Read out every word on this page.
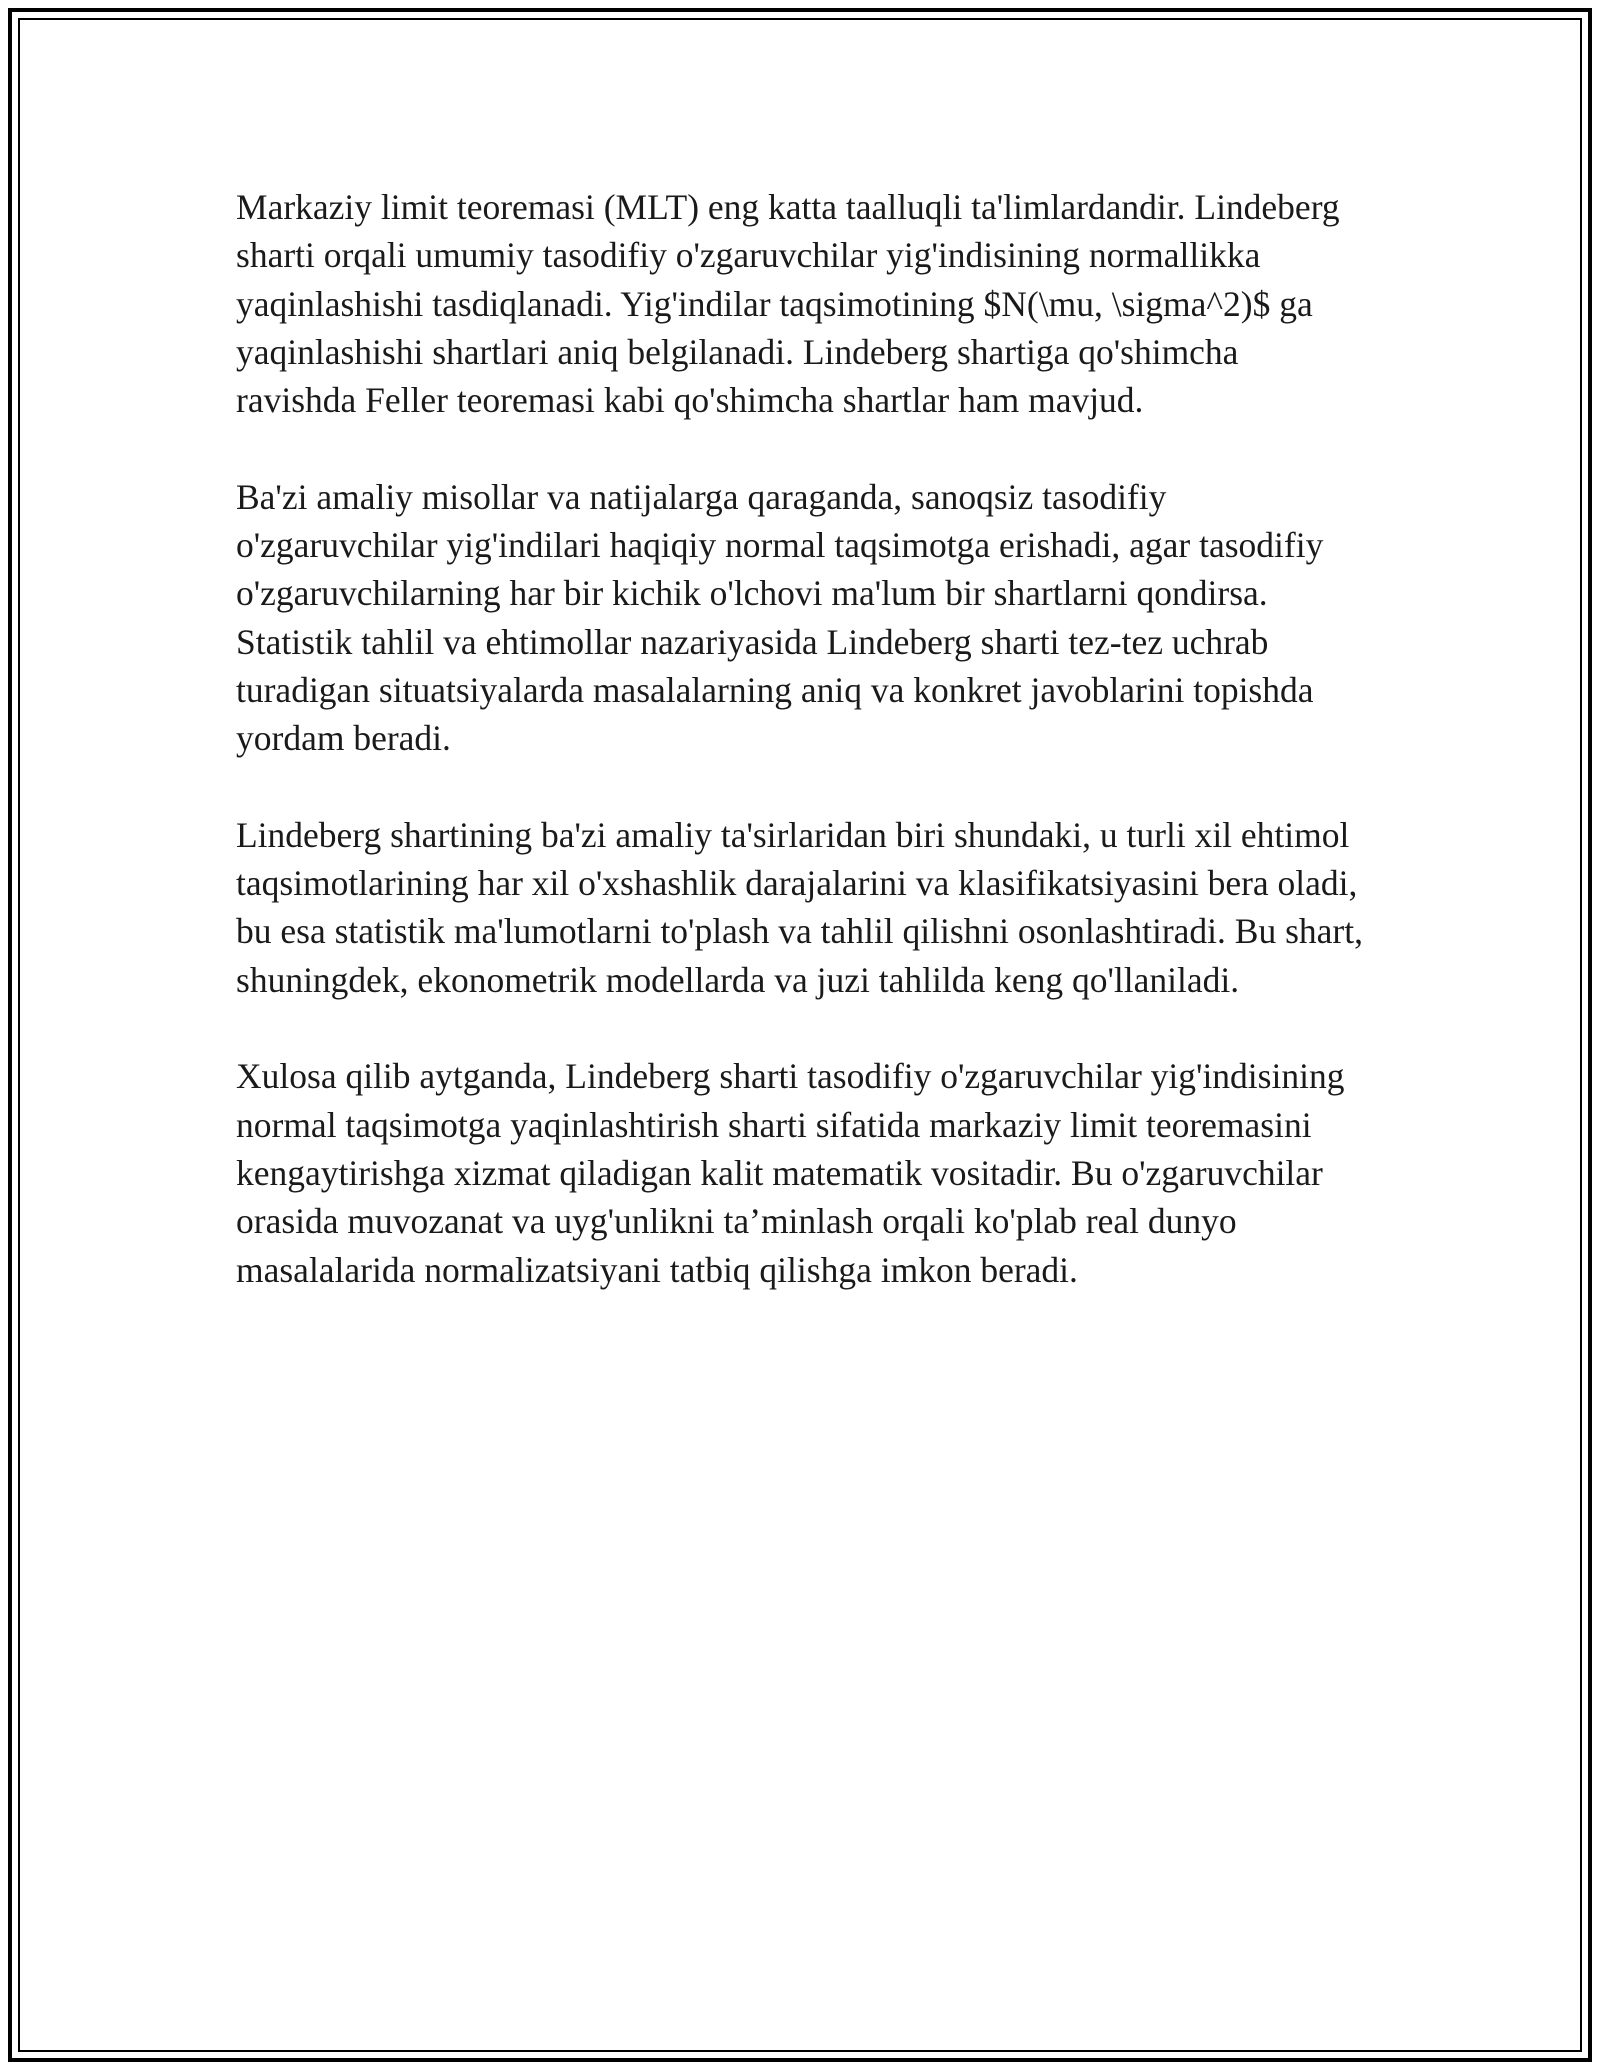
Markaziy limit teoremasi (MLT) eng katta taalluqli ta'limlardandir. Lindeberg sharti orqali umumiy tasodifiy o'zgaruvchilar yig'indisining normallikka yaqinlashishi tasdiqlanadi. Yig'indilar taqsimotining $N(\mu, \sigma^2)$ ga yaqinlashishi shartlari aniq belgilanadi. Lindeberg shartiga qo'shimcha ravishda Feller teoremasi kabi qo'shimcha shartlar ham mavjud.

Ba'zi amaliy misollar va natijalarga qaraganda, sanoqsiz tasodifiy o'zgaruvchilar yig'indilari haqiqiy normal taqsimotga erishadi, agar tasodifiy o'zgaruvchilarning har bir kichik o'lchovi ma'lum bir shartlarni qondirsa. Statistik tahlil va ehtimollar nazariyasida Lindeberg sharti tez-tez uchrab turadigan situatsiyalarda masalalarning aniq va konkret javoblarini topishda yordam beradi.

Lindeberg shartining ba'zi amaliy ta'sirlaridan biri shundaki, u turli xil ehtimol taqsimotlarining har xil o'xshashlik darajalarini va klasifikatsiyasini bera oladi, bu esa statistik ma'lumotlarni to'plash va tahlil qilishni osonlashtiradi. Bu shart, shuningdek, ekonometrik modellarda va juzi tahlilda keng qo'llaniladi.

Xulosa qilib aytganda, Lindeberg sharti tasodifiy o'zgaruvchilar yig'indisining normal taqsimotga yaqinlashtirish sharti sifatida markaziy limit teoremasini kengaytirishga xizmat qiladigan kalit matematik vositadir. Bu o'zgaruvchilar orasida muvozanat va uyg'unlikni ta’minlash orqali ko'plab real dunyo masalalarida normalizatsiyani tatbiq qilishga imkon beradi.
